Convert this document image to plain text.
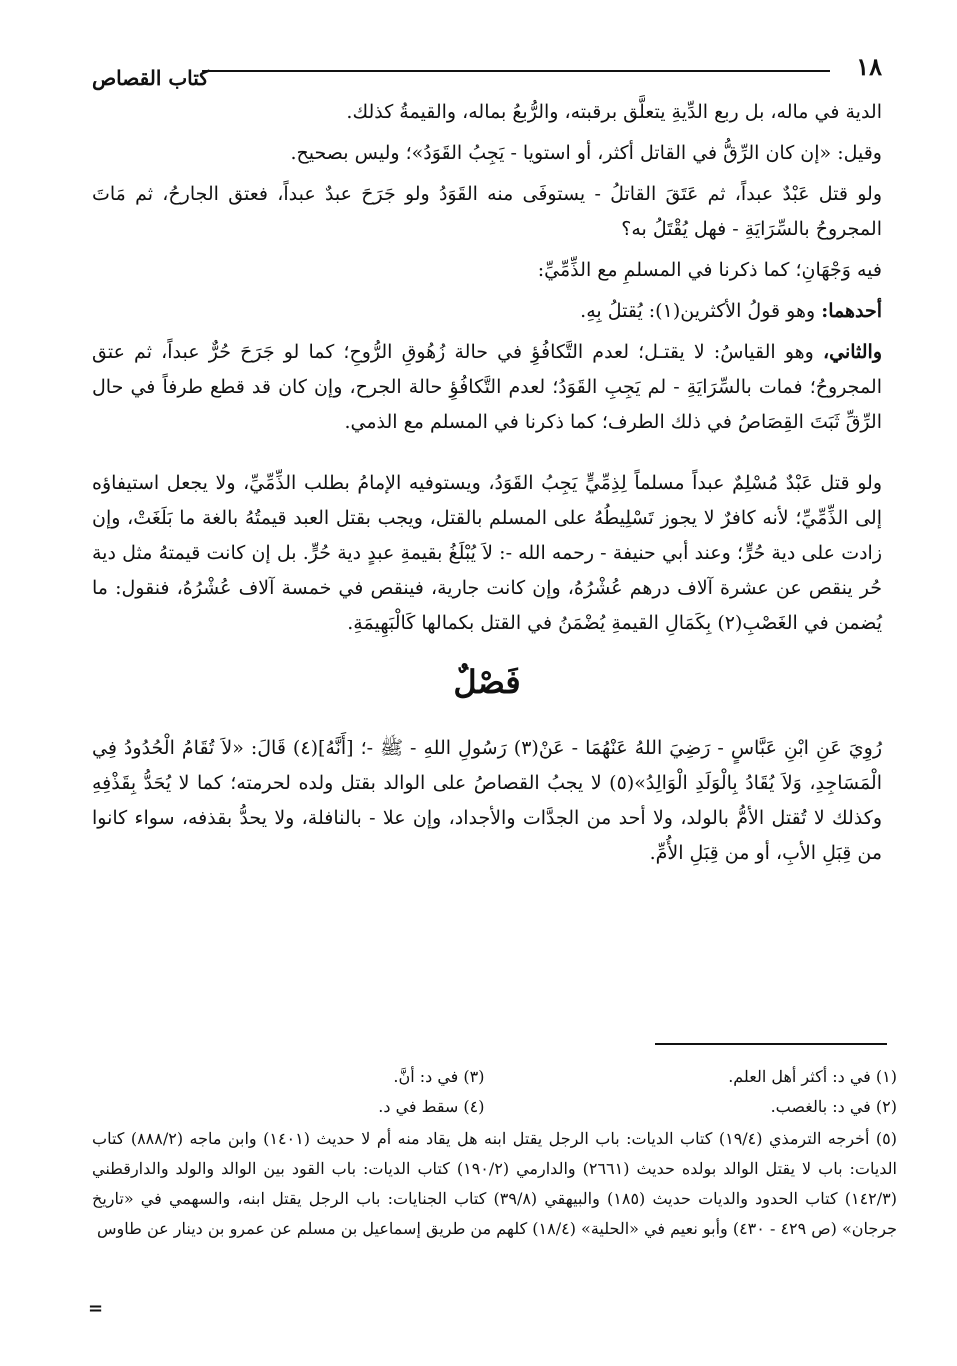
١٨
كتاب القصاص

الدية في ماله، بل ربع الدِّيةِ يتعلَّق برقبته، والرُّبعُ بماله، والقيمةُ كذلك.

وقيل: «إن كان الرِّقُّ في القاتل أكثر، أو استويا - يَجِبُ القَوَدُ»؛ وليس بصحيح.

ولو قتل عَبْدٌ عبداً، ثم عَتَقَ القاتلُ - يستوفَى منه القَوَدُ ولو جَرَحَ عبدٌ عبداً، فعتق الجارحُ، ثم مَاتَ المجروحُ بالسِّرَايَةِ - فهل يُقْتَلُ به؟

فيه وَجْهَانِ؛ كما ذكرنا في المسلمِ مع الذِّمِّيِّ:

أحدهما: وهو قولُ الأكثرين(١): يُقتلُ بِهِ.

والثاني، وهو القياسُ: لا يقتـل؛ لعدم التَّكافُؤِ في حالة زُهُوقِ الرُّوحِ؛ كما لو جَرَحَ حُرٌّ عبداً، ثم عتق المجروحُ؛ فمات بالسِّرَايَةِ - لم يَجِبِ القَوَدُ؛ لعدم التَّكافُؤِ حالة الجرح، وإن كان قد قطع طرفاً في حال الرِّقِّ ثَبَتَ القِصَاصُ في ذلك الطرف؛ كما ذكرنا في المسلم مع الذمي.

ولو قتل عَبْدٌ مُسْلِمٌ عبداً مسلماً لِذِمِّيٍّ يَجِبُ القَوَدُ، ويستوفيه الإمامُ بطلب الذِّمِّيِّ، ولا يجعل استيفاؤه إلى الذِّمِّيِّ؛ لأنه كافرٌ لا يجوز تَسْلِيطُهُ على المسلم بالقتل، ويجب بقتل العبد قيمتُهُ بالغة ما بَلَغَتْ، وإن زادت على دية حُرٍّ؛ وعند أبي حنيفة - رحمه الله -: لاَ يُبْلَغُ بقيمةِ عبدٍ دية حُرٍّ. بل إن كانت قيمتهُ مثل دية حُر ينقص عن عشرة آلاف درهم عُشْرُهُ، وإن كانت جارية، فينقص في خمسة آلاف عُشْرُهُ، فنقول: ما يُضمن في الغَصْبِ(٢) بِكَمَالِ القيمةِ يُضْمَنُ في القتل بكمالها كَالْبَهِيمَةِ.

فَصْلٌ

رُوِيَ عَنِ ابْنِ عَبَّاسٍ - رَضِيَ اللهُ عَنْهُمَا - عَنْ(٣) رَسُولِ اللهِ - ﷺ -؛ [أَنَّهُ](٤) قَالَ: «لاَ تُقَامُ الْحُدُودُ فِي الْمَسَاجِدِ، وَلاَ يُقَادُ بِالْوَلَدِ الْوَالِدُ»(٥) لا يجبُ القصاصُ على الوالد بقتل ولده لحرمته؛ كما لا يُحَدُّ بِقَذْفِهِ وكذلك لا تُقتل الأمُّ بالولد، ولا أحد من الجدَّات والأجداد، وإن علا - بالنافلة، ولا يحدُّ بقذفه، سواء كانوا من قِبَلِ الأبِ، أو من قِبَلِ الأُمِّ.

(١) في د: أكثر أهل العلم.

(٣) في د: أنَّ.

(٢) في د: بالغصب.

(٤) سقط في د.

(٥) أخرجه الترمذي (١٩/٤) كتاب الديات: باب الرجل يقتل ابنه هل يقاد منه أم لا حديث (١٤٠١) وابن ماجه (٨٨٨/٢) كتاب الديات: باب لا يقتل الوالد بولده حديث (٢٦٦١) والدارمي (١٩٠/٢) كتاب الديات: باب القود بين الوالد والولد والدارقطني (١٤٢/٣) كتاب الحدود والديات حديث (١٨٥) والبيهقي (٣٩/٨) كتاب الجنايات: باب الرجل يقتل ابنه، والسهمي في «تاريخ جرجان» (ص ٤٢٩ - ٤٣٠) وأبو نعيم في «الحلية» (١٨/٤) كلهم من طريق إسماعيل بن مسلم عن عمرو بن دينار عن طاوس

=
